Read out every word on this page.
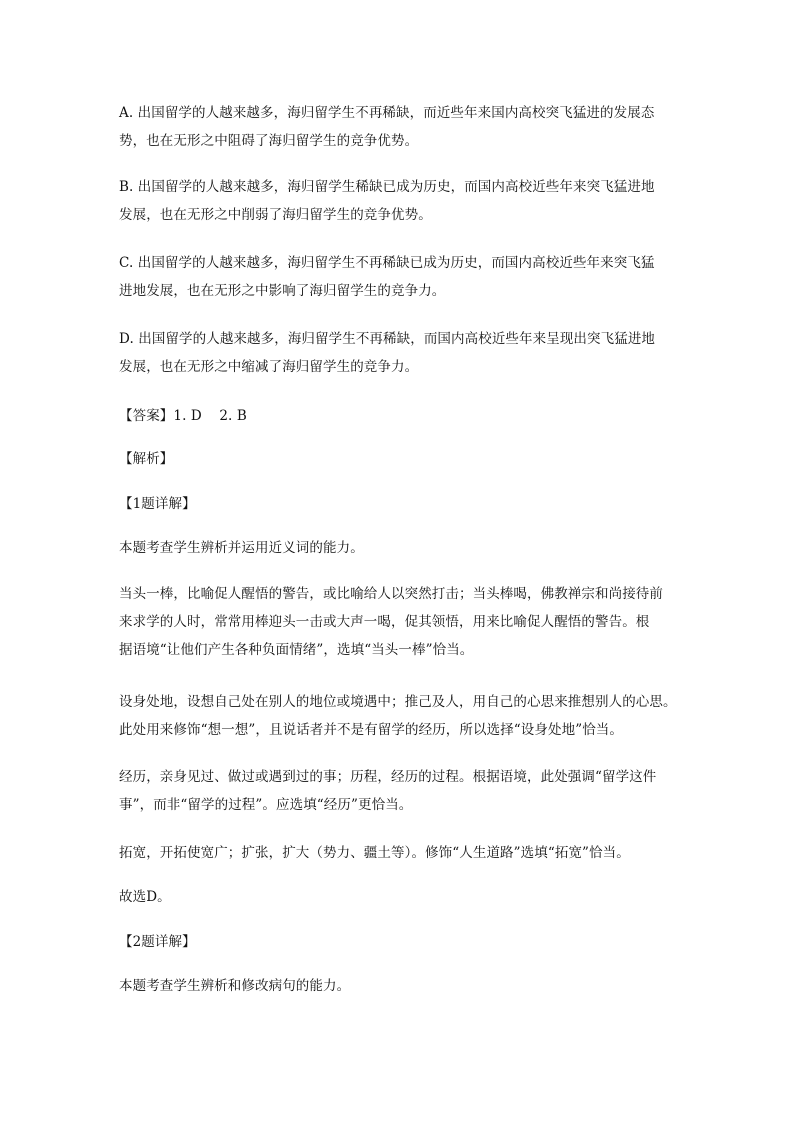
A. 出国留学的人越来越多，海归留学生不再稀缺，而近些年来国内高校突飞猛进的发展态
势，也在无形之中阻碍了海归留学生的竞争优势。
B. 出国留学的人越来越多，海归留学生稀缺已成为历史，而国内高校近些年来突飞猛进地
发展，也在无形之中削弱了海归留学生的竞争优势。
C. 出国留学的人越来越多，海归留学生不再稀缺已成为历史，而国内高校近些年来突飞猛
进地发展，也在无形之中影响了海归留学生的竞争力。
D. 出国留学的人越来越多，海归留学生不再稀缺，而国内高校近些年来呈现出突飞猛进地
发展，也在无形之中缩减了海归留学生的竞争力。
【答案】1. D    2. B
【解析】
【1题详解】
本题考查学生辨析并运用近义词的能力。
当头一棒，比喻促人醒悟的警告，或比喻给人以突然打击；当头棒喝，佛教禅宗和尚接待前
来求学的人时，常常用棒迎头一击或大声一喝，促其领悟，用来比喻促人醒悟的警告。根
据语境“让他们产生各种负面情绪”，选填“当头一棒”恰当。
设身处地，设想自己处在别人的地位或境遇中；推己及人，用自己的心思来推想别人的心思。
此处用来修饰“想一想”，且说话者并不是有留学的经历，所以选择“设身处地”恰当。
经历，亲身见过、做过或遇到过的事；历程，经历的过程。根据语境，此处强调“留学这件
事”，而非“留学的过程”。应选填“经历”更恰当。
拓宽，开拓使宽广；扩张，扩大（势力、疆土等）。修饰“人生道路”选填“拓宽”恰当。
故选D。
【2题详解】
本题考查学生辨析和修改病句的能力。
